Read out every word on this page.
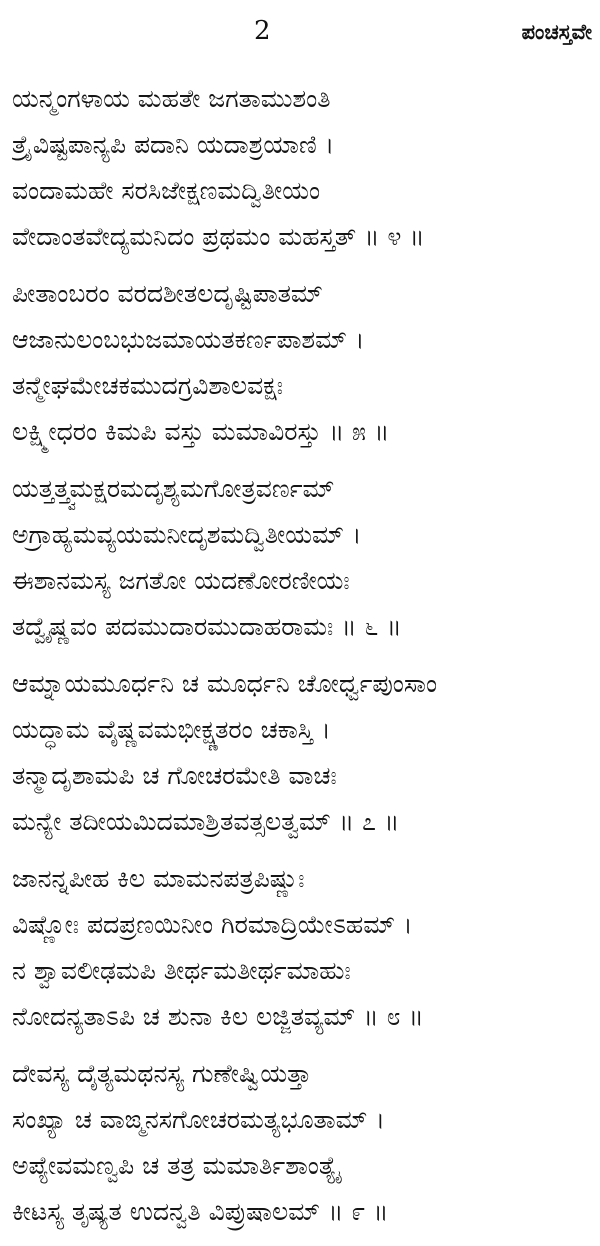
2	ಪಂಚಸ್ತವೇ
ಯನ್ಮಂಗಳಾಯ ಮಹತೇ ಜಗತಾಮುಶಂತಿ
ತ್ರೈವಿಷ್ಟಪಾನ್ಯಪಿ ಪದಾನಿ ಯದಾಶ್ರಯಾಣಿ ।
ವಂದಾಮಹೇ ಸರಸಿಜೇಕ್ಷಣಮದ್ವಿತೀಯಂ
ವೇದಾಂತವೇದ್ಯಮನಿದಂ ಪ್ರಥಮಂ ಮಹಸ್ತತ್ ॥ ೪ ॥
ಪೀತಾಂಬರಂ ವರದಶೀತಲದೃಷ್ಟಿಪಾತಮ್
ಆಜಾನುಲಂಬಭುಜಮಾಯತಕರ್ಣಪಾಶಮ್ ।
ತನ್ಮೇಘಮೇಚಕಮುದಗ್ರವಿಶಾಲವಕ್ಷಃ
ಲಕ್ಷ್ಮೀಧರಂ ಕಿಮಪಿ ವಸ್ತು ಮಮಾವಿರಸ್ತು ॥ ೫ ॥
ಯತ್ತತ್ತ್ವಮಕ್ಷರಮದೃಶ್ಯಮಗೋತ್ರವರ್ಣಮ್
ಅಗ್ರಾಹ್ಯಮವ್ಯಯಮನೀದೃಶಮದ್ವಿತೀಯಮ್ ।
ಈಶಾನಮಸ್ಯ ಜಗತೋ ಯದಣೋರಣೀಯಃ
ತದ್ವೈಷ್ಣವಂ ಪದಮುದಾರಮುದಾಹರಾಮಃ ॥ ೬ ॥
ಆಮ್ನಾಯಮೂರ್ಧನಿ ಚ ಮೂರ್ಧನಿ ಚೋರ್ಧ್ವಪುಂಸಾಂ
ಯದ್ಧಾಮ ವೈಷ್ಣವಮಭೀಕ್ಷ್ಣತರಂ ಚಕಾಸ್ತಿ ।
ತನ್ಮಾದೃಶಾಮಪಿ ಚ ಗೋಚರಮೇತಿ ವಾಚಃ
ಮನ್ಯೇ ತದೀಯಮಿದಮಾಶ್ರಿತವತ್ಸಲತ್ವಮ್ ॥ ೭ ॥
ಜಾನನ್ನಪೀಹ ಕಿಲ ಮಾಮನಪತ್ರಪಿಷ್ಣುಃ
ವಿಷ್ಣೋಃ ಪದಪ್ರಣಯಿನೀಂ ಗಿರಮಾದ್ರಿಯೇಽಹಮ್ ।
ನ ಶ್ವಾವಲೀಢಮಪಿ ತೀರ್ಥಮತೀರ್ಥಮಾಹುಃ
ನೋದನ್ಯತಾಽಪಿ ಚ ಶುನಾ ಕಿಲ ಲಜ್ಜಿತವ್ಯಮ್ ॥ ೮ ॥
ದೇವಸ್ಯ ದೈತ್ಯಮಥನಸ್ಯ ಗುಣೇಷ್ವಿಯತ್ತಾ
ಸಂಖ್ಯಾ ಚ ವಾಙ್ಮನಸಗೋಚರಮತ್ಯಭೂತಾಮ್ ।
ಅಪ್ಯೇವಮಣ್ವಪಿ ಚ ತತ್ರ ಮಮಾರ್ತಿಶಾಂತ್ಯೈ
ಕೀಟಸ್ಯ ತೃಷ್ಯತ ಉದನ್ವತಿ ವಿಪ್ರುಷಾಲಮ್ ॥ ೯ ॥
